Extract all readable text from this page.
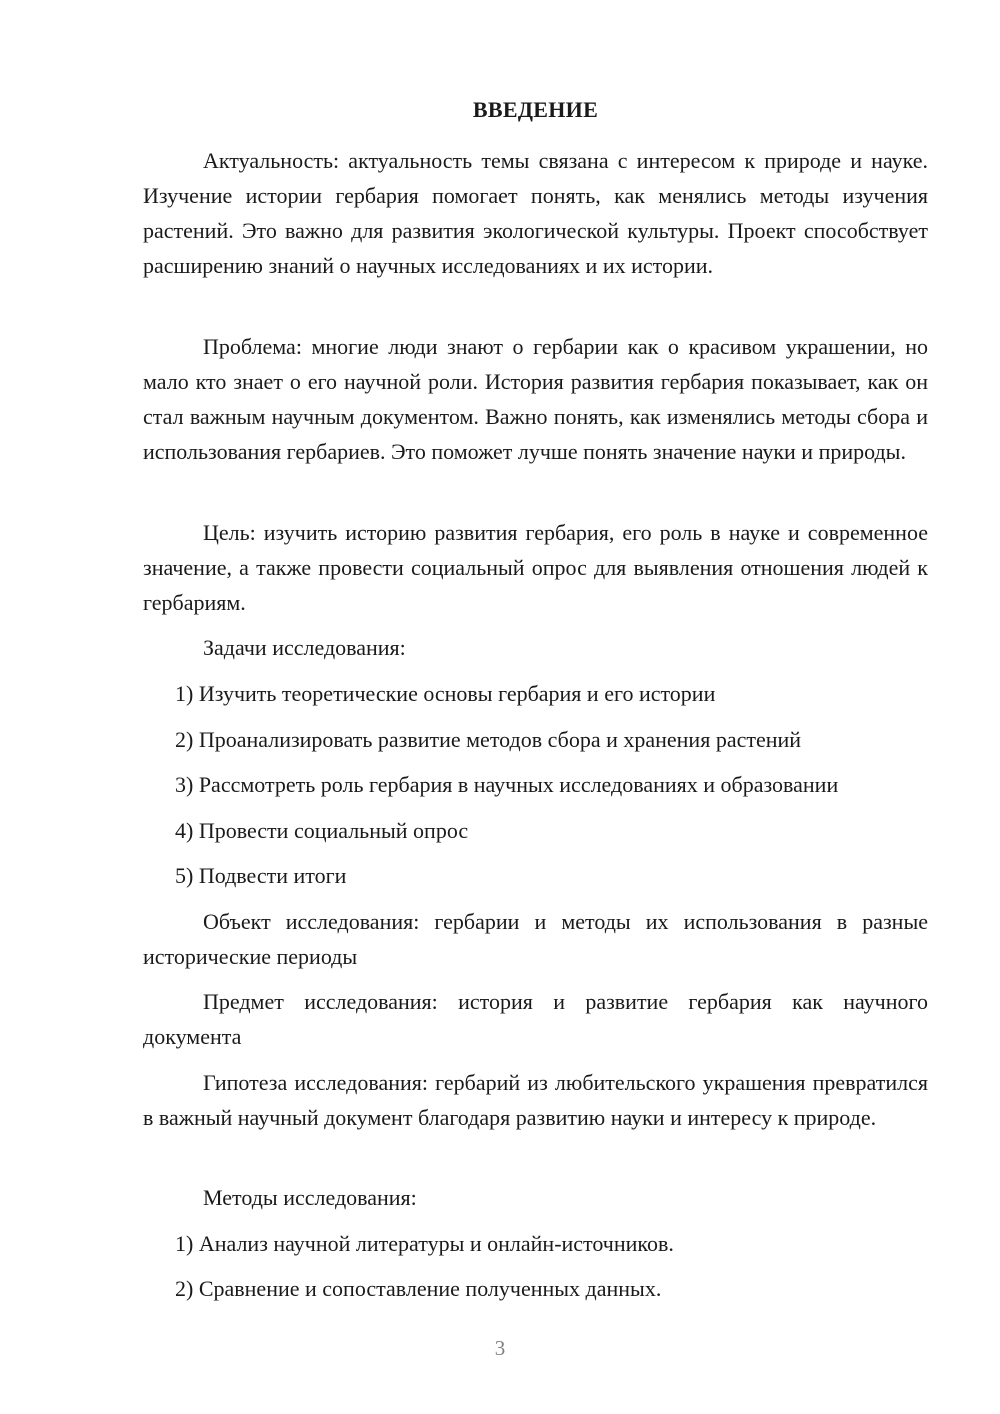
ВВЕДЕНИЕ
Актуальность: актуальность темы связана с интересом к природе и науке. Изучение истории гербария помогает понять, как менялись методы изучения растений. Это важно для развития экологической культуры. Проект способствует расширению знаний о научных исследованиях и их истории.
Проблема: многие люди знают о гербарии как о красивом украшении, но мало кто знает о его научной роли. История развития гербария показывает, как он стал важным научным документом. Важно понять, как изменялись методы сбора и использования гербариев. Это поможет лучше понять значение науки и природы.
Цель: изучить историю развития гербария, его роль в науке и современное значение, а также провести социальный опрос для выявления отношения людей к гербариям.
Задачи исследования:
1) Изучить теоретические основы гербария и его истории
2) Проанализировать развитие методов сбора и хранения растений
3) Рассмотреть роль гербария в научных исследованиях и образовании
4) Провести социальный опрос
5) Подвести итоги
Объект исследования: гербарии и методы их использования в разные исторические периоды
Предмет исследования: история и развитие гербария как научного документа
Гипотеза исследования: гербарий из любительского украшения превратился в важный научный документ благодаря развитию науки и интересу к природе.
Методы исследования:
1) Анализ научной литературы и онлайн-источников.
2) Сравнение и сопоставление полученных данных.
3
